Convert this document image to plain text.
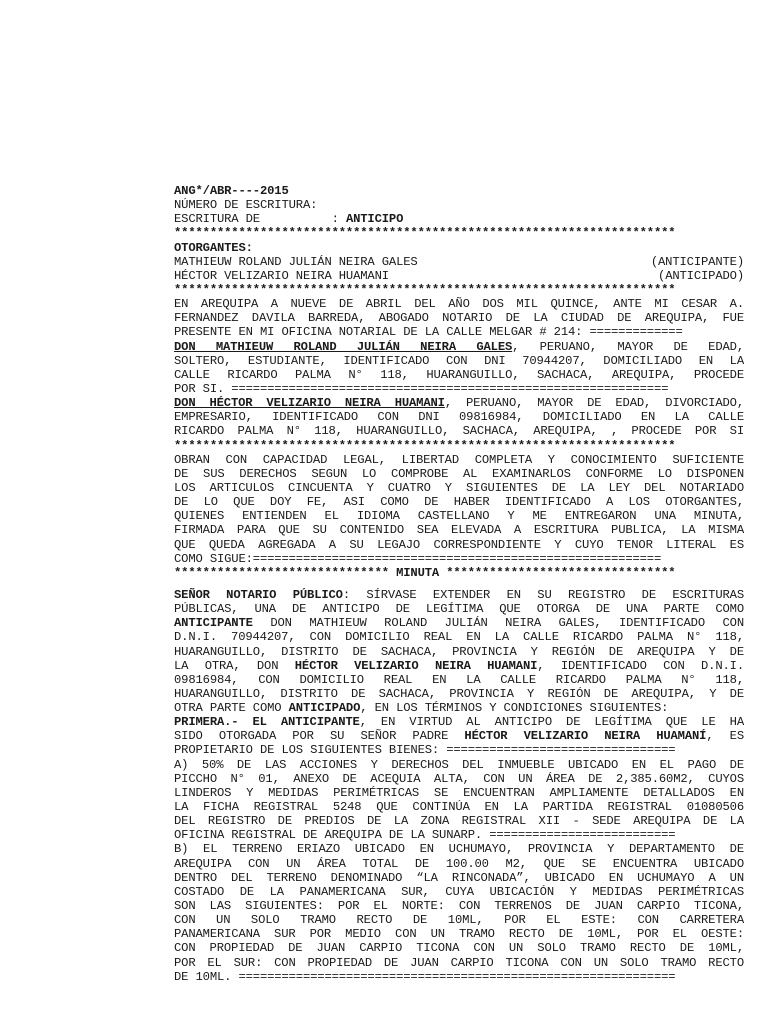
ANG*/ABR----2015
NÚMERO DE ESCRITURA:
ESCRITURA DE          : ANTICIPO
**********************************************************************
OTORGANTES:
MATHIEUW ROLAND JULIÁN NEIRA GALES	(ANTICIPANTE)
HÉCTOR VELIZARIO NEIRA HUAMANI	(ANTICIPADO)
**********************************************************************
EN AREQUIPA A NUEVE DE ABRIL DEL AÑO DOS MIL QUINCE, ANTE MI CESAR A.
FERNANDEZ DAVILA BARREDA, ABOGADO NOTARIO DE LA CIUDAD DE AREQUIPA, FUE
PRESENTE EN MI OFICINA NOTARIAL DE LA CALLE MELGAR # 214: =============
DON MATHIEUW ROLAND JULIÁN NEIRA GALES, PERUANO, MAYOR DE EDAD,
SOLTERO, ESTUDIANTE, IDENTIFICADO CON DNI 70944207, DOMICILIADO EN LA
CALLE RICARDO PALMA N° 118, HUARANGUILLO, SACHACA, AREQUIPA, PROCEDE
POR SI. =============================================================
DON HÉCTOR VELIZARIO NEIRA HUAMANI, PERUANO, MAYOR DE EDAD, DIVORCIADO,
EMPRESARIO, IDENTIFICADO CON DNI 09816984, DOMICILIADO EN LA CALLE
RICARDO PALMA N° 118, HUARANGUILLO, SACHACA, AREQUIPA, , PROCEDE POR SI
**********************************************************************
OBRAN CON CAPACIDAD LEGAL, LIBERTAD COMPLETA Y CONOCIMIENTO SUFICIENTE
DE SUS DERECHOS SEGUN LO COMPROBE AL EXAMINARLOS CONFORME LO DISPONEN
LOS ARTICULOS CINCUENTA Y CUATRO Y SIGUIENTES DE LA LEY DEL NOTARIADO
DE LO QUE DOY FE, ASI COMO DE HABER IDENTIFICADO A LOS OTORGANTES,
QUIENES ENTIENDEN EL IDIOMA CASTELLANO Y ME ENTREGARON UNA MINUTA,
FIRMADA PARA QUE SU CONTENIDO SEA ELEVADA A ESCRITURA PUBLICA, LA MISMA
QUE QUEDA AGREGADA A SU LEGAJO CORRESPONDIENTE Y CUYO TENOR LITERAL ES
COMO SIGUE:=========================================================
****************************** MINUTA ********************************
SEÑOR NOTARIO PÚBLICO: SÍRVASE EXTENDER EN SU REGISTRO DE ESCRITURAS
PÚBLICAS, UNA DE ANTICIPO DE LEGÍTIMA QUE OTORGA DE UNA PARTE COMO
ANTICIPANTE DON MATHIEUW ROLAND JULIÁN NEIRA GALES, IDENTIFICADO CON
D.N.I. 70944207, CON DOMICILIO REAL EN LA CALLE RICARDO PALMA N° 118,
HUARANGUILLO, DISTRITO DE SACHACA, PROVINCIA Y REGIÓN DE AREQUIPA Y DE
LA OTRA, DON HÉCTOR VELIZARIO NEIRA HUAMANI, IDENTIFICADO CON D.N.I.
09816984, CON DOMICILIO REAL EN LA CALLE RICARDO PALMA N° 118,
HUARANGUILLO, DISTRITO DE SACHACA, PROVINCIA Y REGIÓN DE AREQUIPA, Y DE
OTRA PARTE COMO ANTICIPADO, EN LOS TÉRMINOS Y CONDICIONES SIGUIENTES:
PRIMERA.- EL ANTICIPANTE, EN VIRTUD AL ANTICIPO DE LEGÍTIMA QUE LE HA
SIDO OTORGADA POR SU SEÑOR PADRE HÉCTOR VELIZARIO NEIRA HUAMANÍ, ES
PROPIETARIO DE LOS SIGUIENTES BIENES: ================================
A) 50% DE LAS ACCIONES Y DERECHOS DEL INMUEBLE UBICADO EN EL PAGO DE
PICCHO N° 01, ANEXO DE ACEQUIA ALTA, CON UN ÁREA DE 2,385.60M2, CUYOS
LINDEROS Y MEDIDAS PERIMÉTRICAS SE ENCUENTRAN AMPLIAMENTE DETALLADOS EN
LA FICHA REGISTRAL 5248 QUE CONTINÚA EN LA PARTIDA REGISTRAL 01080506
DEL REGISTRO DE PREDIOS DE LA ZONA REGISTRAL XII - SEDE AREQUIPA DE LA
OFICINA REGISTRAL DE AREQUIPA DE LA SUNARP. ==========================
B) EL TERRENO ERIAZO UBICADO EN UCHUMAYO, PROVINCIA Y DEPARTAMENTO DE
AREQUIPA CON UN ÁREA TOTAL DE 100.00 M2, QUE SE ENCUENTRA UBICADO
DENTRO DEL TERRENO DENOMINADO “LA RINCONADA”, UBICADO EN UCHUMAYO A UN
COSTADO DE LA PANAMERICANA SUR, CUYA UBICACIÓN Y MEDIDAS PERIMÉTRICAS
SON LAS SIGUIENTES: POR EL NORTE: CON TERRENOS DE JUAN CARPIO TICONA,
CON UN SOLO TRAMO RECTO DE 10ML, POR EL ESTE: CON CARRETERA
PANAMERICANA SUR POR MEDIO CON UN TRAMO RECTO DE 10ML, POR EL OESTE:
CON PROPIEDAD DE JUAN CARPIO TICONA CON UN SOLO TRAMO RECTO DE 10ML,
POR EL SUR: CON PROPIEDAD DE JUAN CARPIO TICONA CON UN SOLO TRAMO RECTO
DE 10ML. =============================================================
